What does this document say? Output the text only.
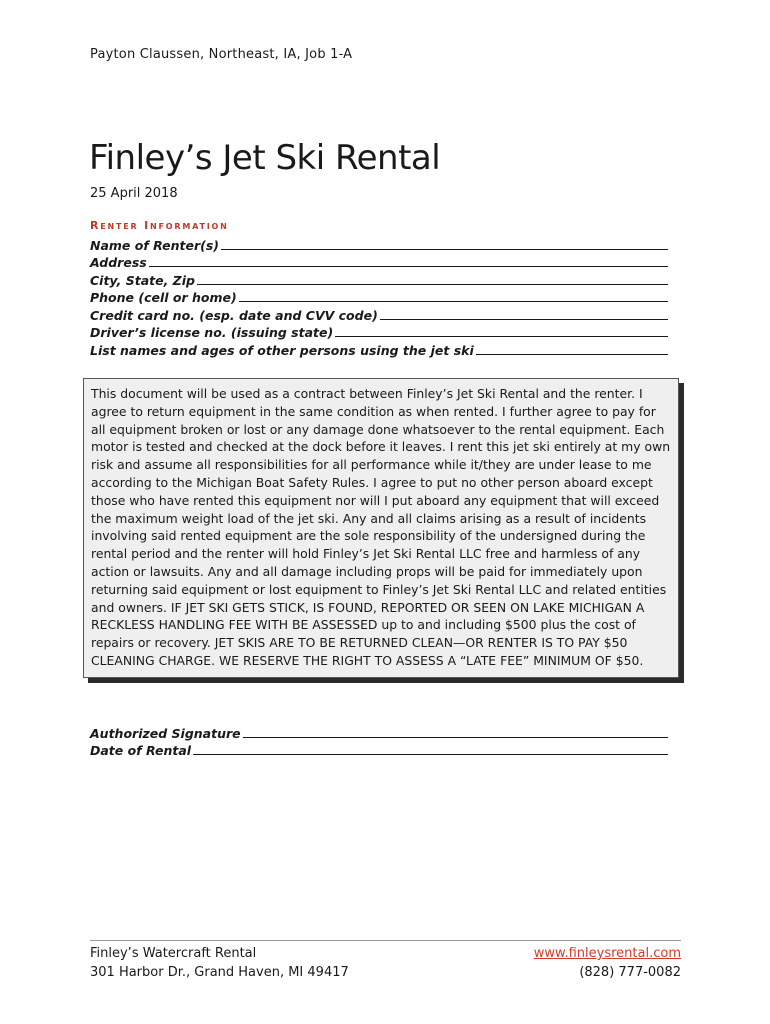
Payton Claussen, Northeast, IA, Job 1-A
Finley’s Jet Ski Rental
25 April 2018
Renter Information
Name of Renter(s)
Address
City, State, Zip
Phone (cell or home)
Credit card no. (esp. date and CVV code)
Driver’s license no. (issuing state)
List names and ages of other persons using the jet ski

This document will be used as a contract between Finley’s Jet Ski Rental and the renter. I agree to return equipment in the same condition as when rented. I further agree to pay for all equipment broken or lost or any damage done whatsoever to the rental equipment. Each motor is tested and checked at the dock before it leaves. I rent this jet ski entirely at my own risk and assume all responsibilities for all performance while it/they are under lease to me according to the Michigan Boat Safety Rules. I agree to put no other person aboard except those who have rented this equipment nor will I put aboard any equipment that will exceed the maximum weight load of the jet ski. Any and all claims arising as a result of incidents involving said rented equipment are the sole responsibility of the undersigned during the rental period and the renter will hold Finley’s Jet Ski Rental LLC free and harmless of any action or lawsuits. Any and all damage including props will be paid for immediately upon returning said equipment or lost equipment to Finley’s Jet Ski Rental LLC and related entities and owners. IF JET SKI GETS STICK, IS FOUND, REPORTED OR SEEN ON LAKE MICHIGAN A RECKLESS HANDLING FEE WITH BE ASSESSED up to and including $500 plus the cost of repairs or recovery. JET SKIS ARE TO BE RETURNED CLEAN—OR RENTER IS TO PAY $50 CLEANING CHARGE. WE RESERVE THE RIGHT TO ASSESS A “LATE FEE” MINIMUM OF $50.

Authorized Signature
Date of Rental
Finley’s Watercraft Rental
301 Harbor Dr., Grand Haven, MI 49417
www.finleysrental.com
(828) 777-0082
